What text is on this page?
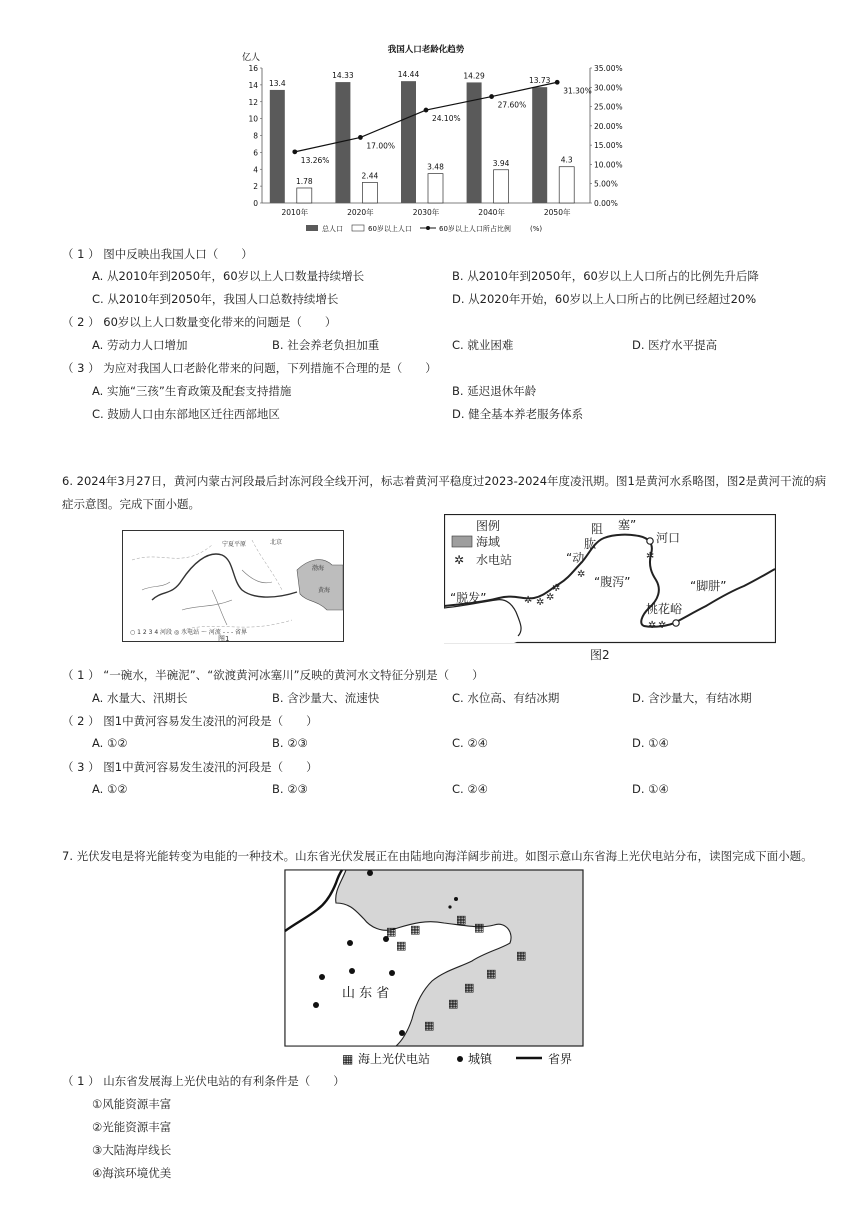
我国人口老龄化趋势
亿人
0
2
4
6
8
10
12
14
16
0.00%
5.00%
10.00%
15.00%
20.00%
25.00%
30.00%
35.00%
13.4
1.78
2010年
14.33
2.44
2020年
14.44
3.48
2030年
14.29
3.94
2040年
13.73
4.3
2050年
13.26%
17.00%
24.10%
27.60%
31.30%
总人口	60岁以上人口	60岁以上人口所占比例	(%)
（ 1 ） 图中反映出我国人口（　　）
A. 从2010年到2050年，60岁以上人口数量持续增长	B. 从2010年到2050年，60岁以上人口所占的比例先升后降
C. 从2010年到2050年，我国人口总数持续增长	D. 从2020年开始，60岁以上人口所占的比例已经超过20%
（ 2 ） 60岁以上人口数量变化带来的问题是（　　）
A. 劳动力人口增加	B. 社会养老负担加重	C. 就业困难	D. 医疗水平提高
（ 3 ） 为应对我国人口老龄化带来的问题，下列措施不合理的是（　　）
A. 实施“三孩”生育政策及配套支持措施	B. 延迟退休年龄
C. 鼓励人口由东部地区迁往西部地区	D. 健全基本养老服务体系
6. 2024年3月27日，黄河内蒙古河段最后封冻河段全线开河，标志着黄河平稳度过2023-2024年度凌汛期。图1是黄河水系略图，图2是黄河干流的病
症示意图。完成下面小题。
宁夏平原	北京
渤海
黄海
○ 1 2 3 4 河段 ◎ 水电站 ～ 河流 - - - 省界
图1
图例
海域
✲ 水电站
✲ ✲ ✲
✲
✲
✲
✲ ✲
河口
阻 塞”
肱
“动
“腹泻”	“脚肼”
桃花峪
“脱发”
图2
（ 1 ） “一碗水，半碗泥”、“欲渡黄河冰塞川”反映的黄河水文特征分别是（　　）
A. 水量大、汛期长	B. 含沙量大、流速快	C. 水位高、有结冰期	D. 含沙量大，有结冰期
（ 2 ） 图1中黄河容易发生凌汛的河段是（　　）
A. ①②	B. ②③	C. ②④	D. ①④
（ 3 ） 图1中黄河容易发生凌汛的河段是（　　）
A. ①②	B. ②③	C. ②④	D. ①④
7. 光伏发电是将光能转变为电能的一种技术。山东省光伏发展正在由陆地向海洋阔步前进。如图示意山东省海上光伏电站分布，读图完成下面小题。
▦
▦
▦
▦
▦
▦
▦
▦
▦
▦
山 东 省
▦ 海上光伏电站	城镇	省界
（ 1 ） 山东省发展海上光伏电站的有利条件是（　　）
①风能资源丰富
②光能资源丰富
③大陆海岸线长
④海滨环境优美
